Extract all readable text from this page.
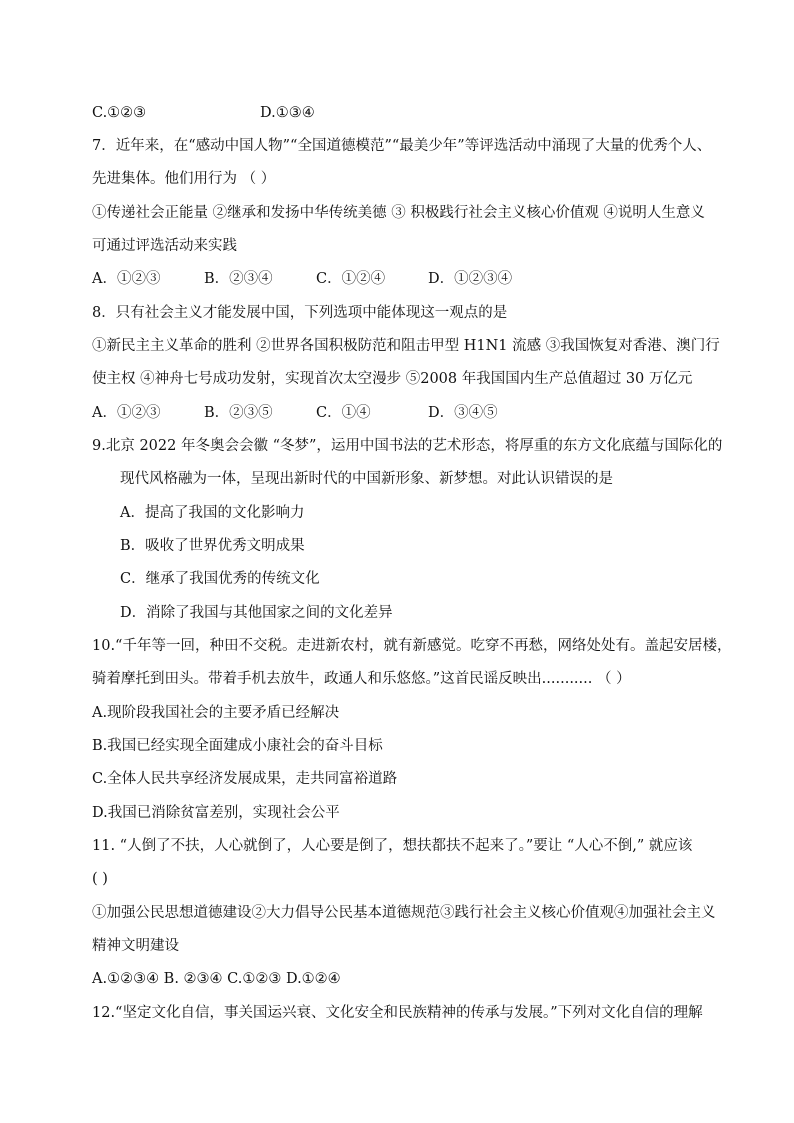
C.①②③	D.①③④
7．近年来，在“感动中国人物”“全国道德模范”“最美少年”等评选活动中涌现了大量的优秀个人、
先进集体。他们用行为 （ ）
①传递社会正能量 ②继承和发扬中华传统美德 ③ 积极践行社会主义核心价值观 ④说明人生意义
可通过评选活动来实践
A．①②③	B．②③④	C．①②④	D．①②③④
8．只有社会主义才能发展中国，下列选项中能体现这一观点的是
①新民主主义革命的胜利 ②世界各国积极防范和阻击甲型 H1N1 流感 ③我国恢复对香港、澳门行
使主权 ④神舟七号成功发射，实现首次太空漫步 ⑤2008 年我国国内生产总值超过 30 万亿元
A．①②③	B．②③⑤	C．①④	D．③④⑤
9.北京 2022 年冬奥会会徽 “冬梦”，运用中国书法的艺术形态，将厚重的东方文化底蕴与国际化的
现代风格融为一体，呈现出新时代的中国新形象、新梦想。对此认识错误的是
A．提高了我国的文化影响力
B．吸收了世界优秀文明成果
C．继承了我国优秀的传统文化
D．消除了我国与其他国家之间的文化差异
10.“千年等一回，种田不交税。走进新农村，就有新感觉。吃穿不再愁，网络处处有。盖起安居楼，
骑着摩托到田头。带着手机去放牛，政通人和乐悠悠。”这首民谣反映出........... （ ）
A.现阶段我国社会的主要矛盾已经解决
B.我国已经实现全面建成小康社会的奋斗目标
C.全体人民共享经济发展成果，走共同富裕道路
D.我国已消除贫富差别，实现社会公平
11. “人倒了不扶，人心就倒了，人心要是倒了，想扶都扶不起来了。”要让 “人心不倒,” 就应该
( )
①加强公民思想道德建设②大力倡导公民基本道德规范③践行社会主义核心价值观④加强社会主义
精神文明建设
A.①②③④ B. ②③④ C.①②③ D.①②④
12.“坚定文化自信，事关国运兴衰、文化安全和民族精神的传承与发展。”下列对文化自信的理解
